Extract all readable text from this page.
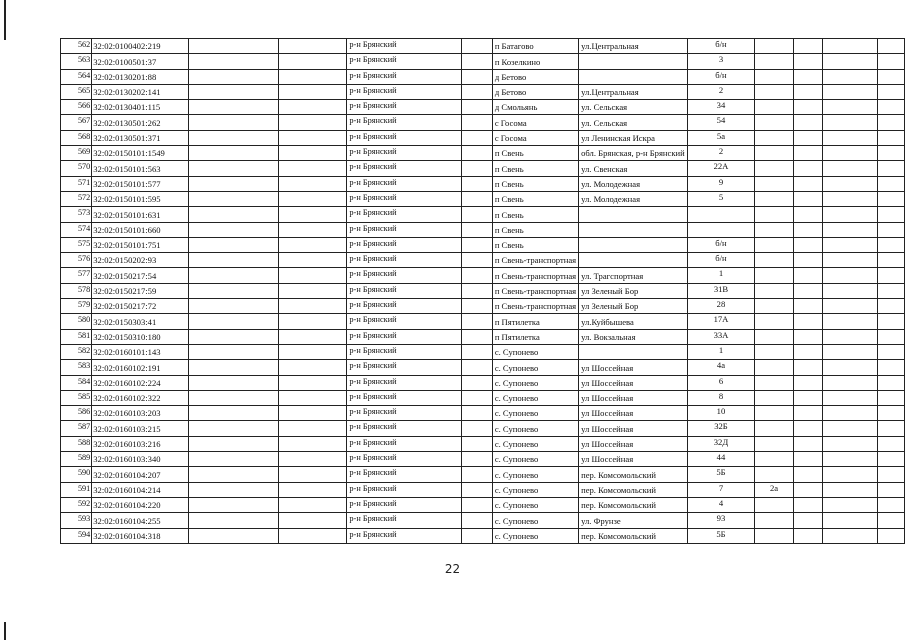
562	32:02:0100402:219			р-н Брянский		п Батагово	ул.Центральная	б/н				
563	32:02:0100501:37			р-н Брянский		п Козелкино		3				
564	32:02:0130201:88			р-н Брянский		д Бетово		б/н				
565	32:02:0130202:141			р-н Брянский		д Бетово	ул.Центральная	2				
566	32:02:0130401:115			р-н Брянский		д Смольянь	ул. Сельская	34				
567	32:02:0130501:262			р-н Брянский		с Госома	ул. Сельская	54				
568	32:02:0130501:371			р-н Брянский		с Госома	ул Ленинская Искра	5а				
569	32:02:0150101:1549			р-н Брянский		п Свень	обл. Брянская, р-н Брянский	2				
570	32:02:0150101:563			р-н Брянский		п Свень	ул. Свенская	22А				
571	32:02:0150101:577			р-н Брянский		п Свень	ул. Молодежная	9				
572	32:02:0150101:595			р-н Брянский		п Свень	ул. Молодежная	5				
573	32:02:0150101:631			р-н Брянский		п Свень						
574	32:02:0150101:660			р-н Брянский		п Свень						
575	32:02:0150101:751			р-н Брянский		п Свень		б/н				
576	32:02:0150202:93			р-н Брянский		п Свень-транспортная		б/н				
577	32:02:0150217:54			р-н Брянский		п Свень-транспортная	ул. Трагспортная	1				
578	32:02:0150217:59			р-н Брянский		п Свень-транспортная	ул Зеленый Бор	31В				
579	32:02:0150217:72			р-н Брянский		п Свень-транспортная	ул Зеленый Бор	28				
580	32:02:0150303:41			р-н Брянский		п Пятилетка	ул.Куйбышева	17А				
581	32:02:0150310:180			р-н Брянский		п Пятилетка	ул. Вокзальная	33А				
582	32:02:0160101:143			р-н Брянский		с. Супонево		1				
583	32:02:0160102:191			р-н Брянский		с. Супонево	ул Шоссейная	4а				
584	32:02:0160102:224			р-н Брянский		с. Супонево	ул Шоссейная	6				
585	32:02:0160102:322			р-н Брянский		с. Супонево	ул Шоссейная	8				
586	32:02:0160103:203			р-н Брянский		с. Супонево	ул Шоссейная	10				
587	32:02:0160103:215			р-н Брянский		с. Супонево	ул Шоссейная	32Б				
588	32:02:0160103:216			р-н Брянский		с. Супонево	ул Шоссейная	32Д				
589	32:02:0160103:340			р-н Брянский		с. Супонево	ул Шоссейная	44				
590	32:02:0160104:207			р-н Брянский		с. Супонево	пер. Комсомольский	5Б				
591	32:02:0160104:214			р-н Брянский		с. Супонево	пер. Комсомольский	7	2а			
592	32:02:0160104:220			р-н Брянский		с. Супонево	пер. Комсомольский	4				
593	32:02:0160104:255			р-н Брянский		с. Супонево	ул. Фрунзе	93				
594	32:02:0160104:318			р-н Брянский		с. Супонево	пер. Комсомольский	5Б				
22
